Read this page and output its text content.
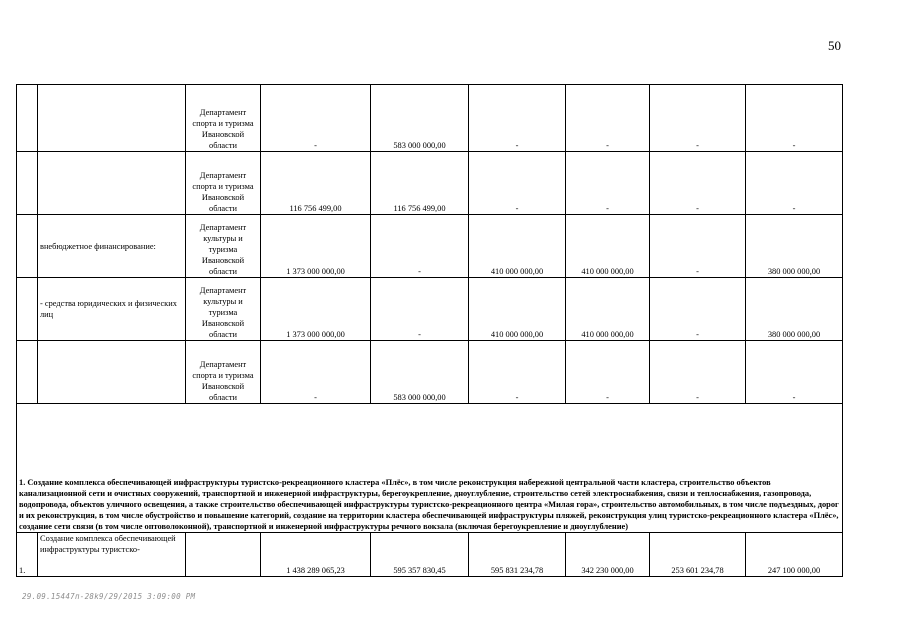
50
		Департамент спорта и туризма Ивановской области	-	583 000 000,00	-	-	-	-
		Департамент спорта и туризма Ивановской области	116 756 499,00	116 756 499,00	-	-	-	-
	внебюджетное финансирование:	Департамент культуры и туризма Ивановской области	1 373 000 000,00	-	410 000 000,00	410 000 000,00	-	380 000 000,00
	- средства юридических и физических лиц	Департамент культуры и туризма Ивановской области	1 373 000 000,00	-	410 000 000,00	410 000 000,00	-	380 000 000,00
		Департамент спорта и туризма Ивановской области	-	583 000 000,00	-	-	-	-
1. Создание комплекса обеспечивающей инфраструктуры туристско-рекреационного кластера «Плёс», в том числе реконструкция набережной центральной части кластера, строительство объектов канализационной сети и очистных сооружений, транспортной и инженерной инфраструктуры, берегоукрепление, дноуглубление, строительство сетей электроснабжения, связи и теплоснабжения, газопровода, водопровода, объектов уличного освещения, а также строительство обеспечивающей инфраструктуры туристско-рекреационного центра «Милая гора», строительство автомобильных, в том числе подъездных, дорог и их реконструкция, в том числе обустройство и повышение категорий, создание на территории кластера обеспечивающей инфраструктуры пляжей, реконструкция улиц туристско-рекреационного кластера «Плёс», создание сети связи (в том числе оптоволоконной), транспортной и инженерной инфраструктуры речного вокзала (включая берегоукрепление и дноуглубление)								
1.	Создание комплекса обеспечивающей инфраструктуры туристско-		1 438 289 065,23	595 357 830,45	595 831 234,78	342 230 000,00	253 601 234,78	247 100 000,00
29.09.15447п-28k9/29/2015 3:09:00 PM
